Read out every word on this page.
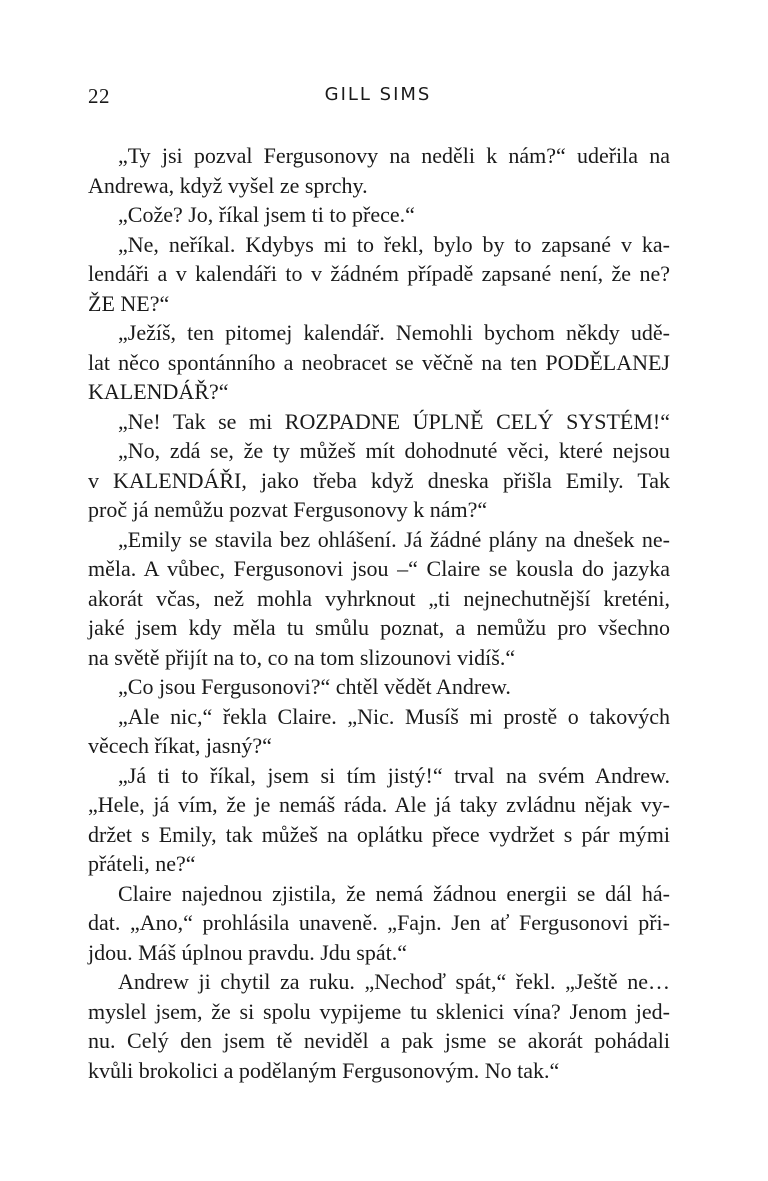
22	GILL SIMS
„Ty jsi pozval Fergusonovy na neděli k nám?“ udeřila na
Andrewa, když vyšel ze sprchy.
„Cože? Jo, říkal jsem ti to přece.“
„Ne, neříkal. Kdybys mi to řekl, bylo by to zapsané v ka-
lendáři a v kalendáři to v žádném případě zapsané není, že ne?
ŽE NE?“
„Ježíš, ten pitomej kalendář. Nemohli bychom někdy udě-
lat něco spontánního a neobracet se věčně na ten PODĚLANEJ
KALENDÁŘ?“
„Ne! Tak se mi ROZPADNE ÚPLNĚ CELÝ SYSTÉM!“
„No, zdá se, že ty můžeš mít dohodnuté věci, které nejsou
v KALENDÁŘI, jako třeba když dneska přišla Emily. Tak
proč já nemůžu pozvat Fergusonovy k nám?“
„Emily se stavila bez ohlášení. Já žádné plány na dnešek ne-
měla. A vůbec, Fergusonovi jsou –“ Claire se kousla do jazyka
akorát včas, než mohla vyhrknout „ti nejnechutnější kreténi,
jaké jsem kdy měla tu smůlu poznat, a nemůžu pro všechno
na světě přijít na to, co na tom slizounovi vidíš.“
„Co jsou Fergusonovi?“ chtěl vědět Andrew.
„Ale nic,“ řekla Claire. „Nic. Musíš mi prostě o takových
věcech říkat, jasný?“
„Já ti to říkal, jsem si tím jistý!“ trval na svém Andrew.
„Hele, já vím, že je nemáš ráda. Ale já taky zvládnu nějak vy-
držet s Emily, tak můžeš na oplátku přece vydržet s pár mými
přáteli, ne?“
Claire najednou zjistila, že nemá žádnou energii se dál há-
dat. „Ano,“ prohlásila unaveně. „Fajn. Jen ať Fergusonovi při-
jdou. Máš úplnou pravdu. Jdu spát.“
Andrew ji chytil za ruku. „Nechoď spát,“ řekl. „Ještě ne…
myslel jsem, že si spolu vypijeme tu sklenici vína? Jenom jed-
nu. Celý den jsem tě neviděl a pak jsme se akorát pohádali
kvůli brokolici a podělaným Fergusonovým. No tak.“
